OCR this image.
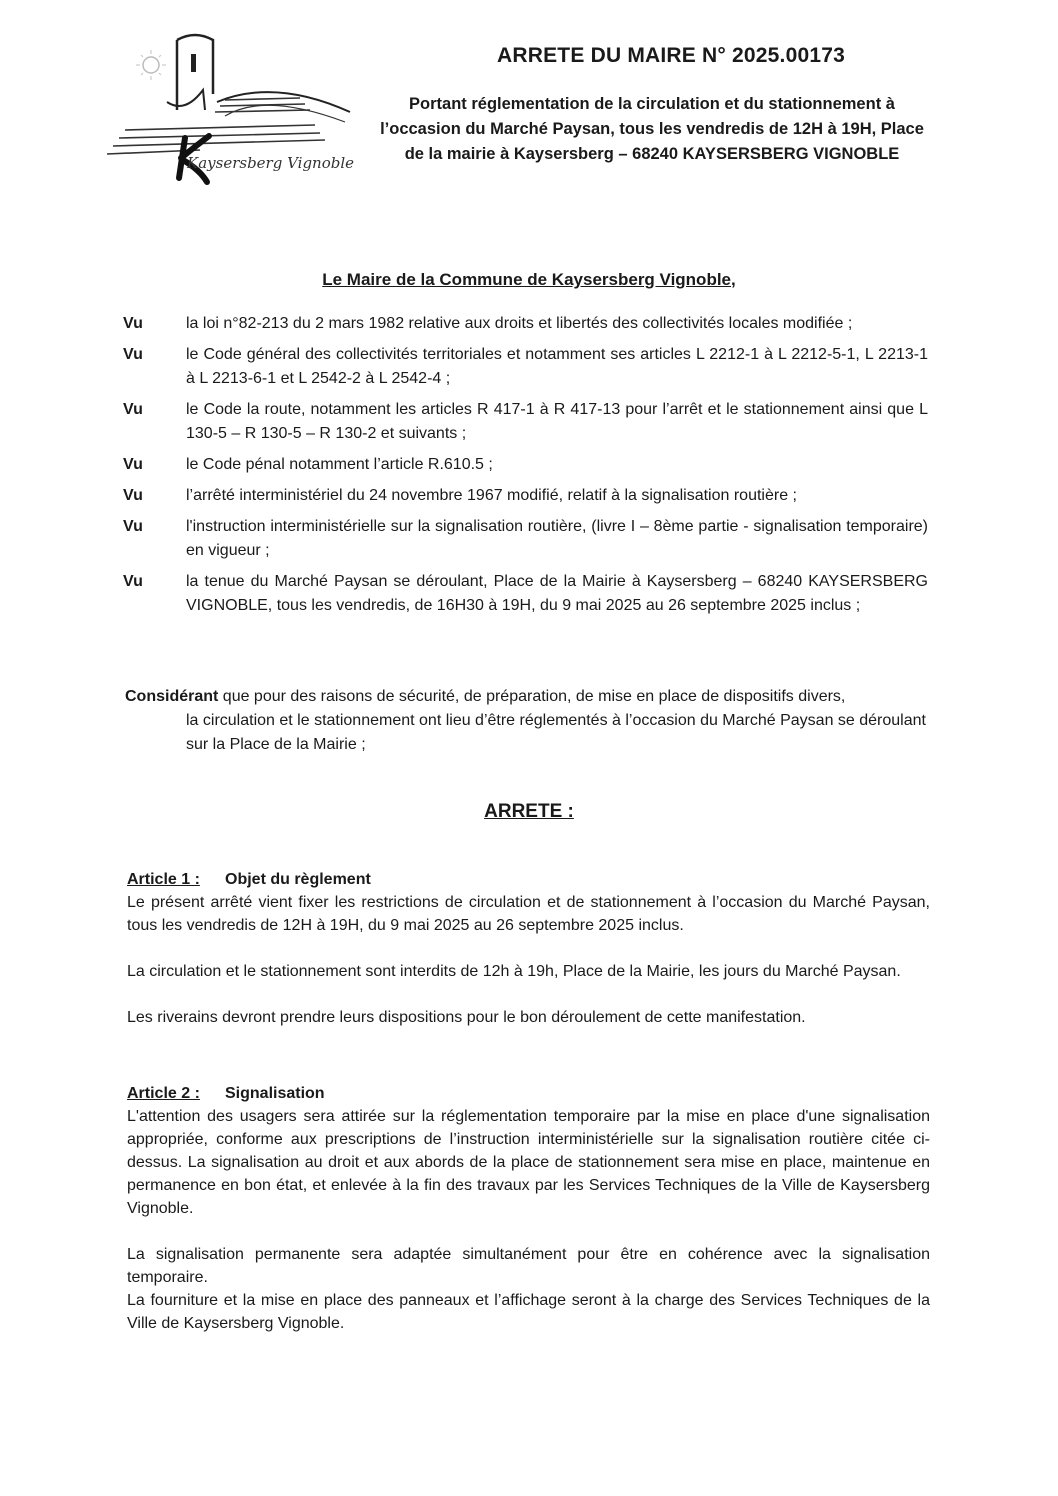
Kaysersberg Vignoble
ARRETE DU MAIRE N° 2025.00173
Portant réglementation de la circulation et du stationnement à l’occasion du Marché Paysan, tous les vendredis de 12H à 19H, Place de la mairie à Kaysersberg – 68240 KAYSERSBERG VIGNOBLE
Le Maire de la Commune de Kaysersberg Vignoble,
Vu	la loi n°82-213 du 2 mars 1982 relative aux droits et libertés des collectivités locales modifiée ;
Vu	le Code général des collectivités territoriales et notamment ses articles L 2212-1 à L 2212-5-1, L 2213-1 à L 2213-6-1 et L 2542-2 à L 2542-4 ;
Vu	le Code la route, notamment les articles R 417-1 à R 417-13 pour l’arrêt et le stationnement ainsi que L 130-5 – R 130-5 – R 130-2 et suivants ;
Vu	le Code pénal notamment l’article R.610.5 ;
Vu	l’arrêté interministériel du 24 novembre 1967 modifié, relatif à la signalisation routière ;
Vu	l'instruction interministérielle sur la signalisation routière, (livre I – 8ème partie - signalisation temporaire) en vigueur ;
Vu	la tenue du Marché Paysan se déroulant, Place de la Mairie à Kaysersberg – 68240 KAYSERSBERG VIGNOBLE, tous les vendredis, de 16H30 à 19H, du 9 mai 2025 au 26 septembre 2025 inclus ;
Considérant que pour des raisons de sécurité, de préparation, de mise en place de dispositifs divers,
la circulation et le stationnement ont lieu d’être réglementés à l’occasion du Marché Paysan se déroulant sur la Place de la Mairie ;
ARRETE :
Article 1 : Objet du règlement

Le présent arrêté vient fixer les restrictions de circulation et de stationnement à l’occasion du Marché Paysan, tous les vendredis de 12H à 19H, du 9 mai 2025 au 26 septembre 2025 inclus.

La circulation et le stationnement sont interdits de 12h à 19h, Place de la Mairie, les jours du Marché Paysan.

Les riverains devront prendre leurs dispositions pour le bon déroulement de cette manifestation.

Article 2 : Signalisation

L'attention des usagers sera attirée sur la réglementation temporaire par la mise en place d'une signalisation appropriée, conforme aux prescriptions de l’instruction interministérielle sur la signalisation routière citée ci-dessus. La signalisation au droit et aux abords de la place de stationnement sera mise en place, maintenue en permanence en bon état, et enlevée à la fin des travaux par les Services Techniques de la Ville de Kaysersberg Vignoble.

La signalisation permanente sera adaptée simultanément pour être en cohérence avec la signalisation temporaire.

La fourniture et la mise en place des panneaux et l’affichage seront à la charge des Services Techniques de la Ville de Kaysersberg Vignoble.
